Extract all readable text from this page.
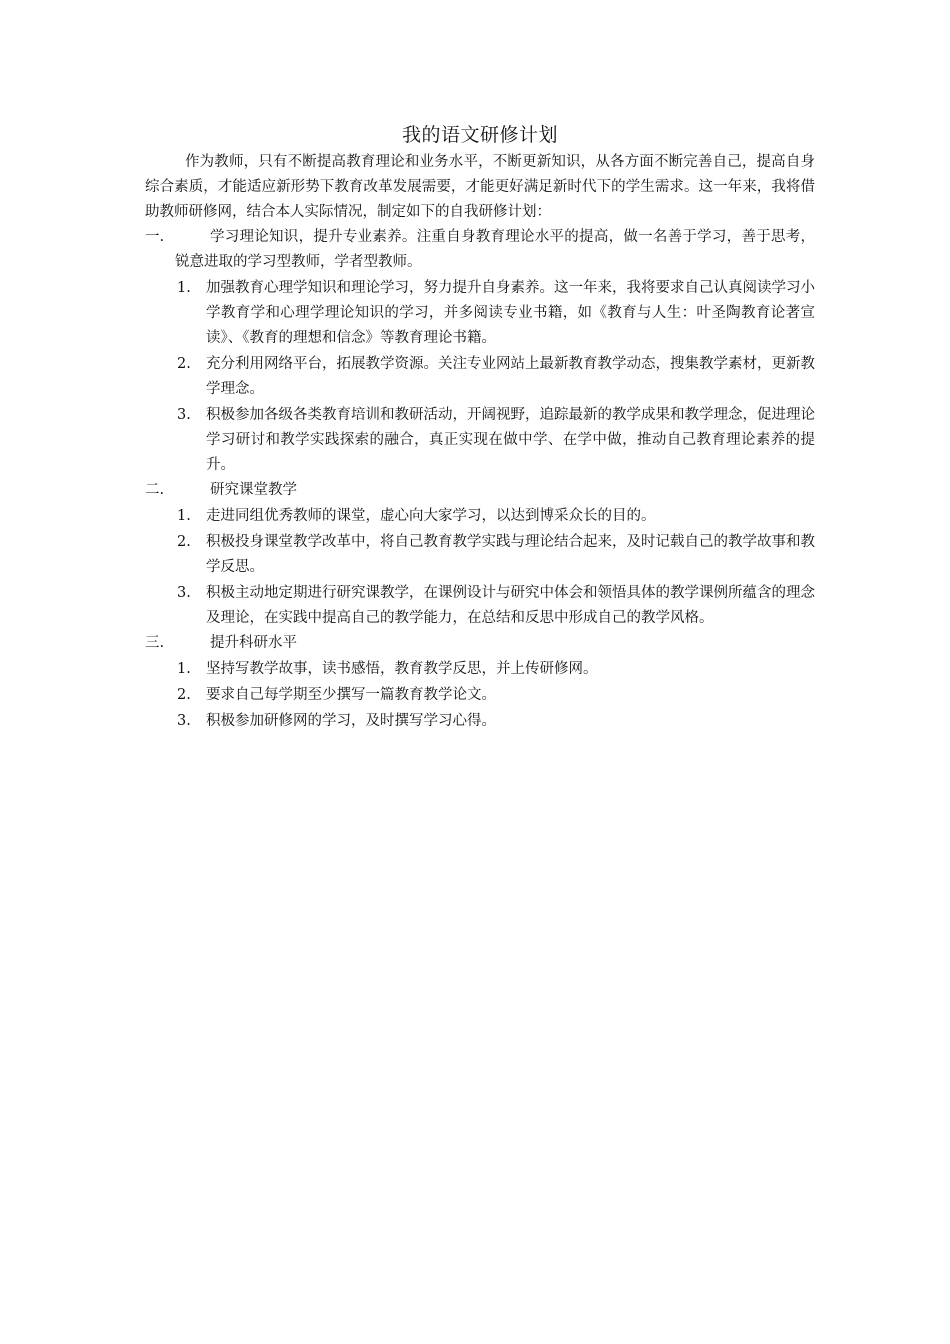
我的语文研修计划

作为教师，只有不断提高教育理论和业务水平，不断更新知识，从各方面不断完善自己，提高自身综合素质，才能适应新形势下教育改革发展需要，才能更好满足新时代下的学生需求。这一年来，我将借助教师研修网，结合本人实际情况，制定如下的自我研修计划：

一.	学习理论知识，提升专业素养。注重自身教育理论水平的提高，做一名善于学习，善于思考，锐意进取的学习型教师，学者型教师。
1. 加强教育心理学知识和理论学习，努力提升自身素养。这一年来，我将要求自己认真阅读学习小学教育学和心理学理论知识的学习，并多阅读专业书籍，如《教育与人生：叶圣陶教育论著宣读》、《教育的理想和信念》等教育理论书籍。
2. 充分利用网络平台，拓展教学资源。关注专业网站上最新教育教学动态，搜集教学素材，更新教学理念。
3. 积极参加各级各类教育培训和教研活动，开阔视野，追踪最新的教学成果和教学理念，促进理论学习研讨和教学实践探索的融合，真正实现在做中学、在学中做，推动自己教育理论素养的提升。
二.	研究课堂教学
1. 走进同组优秀教师的课堂，虚心向大家学习，以达到博采众长的目的。
2. 积极投身课堂教学改革中，将自己教育教学实践与理论结合起来，及时记载自己的教学故事和教学反思。
3. 积极主动地定期进行研究课教学，在课例设计与研究中体会和领悟具体的教学课例所蕴含的理念及理论，在实践中提高自己的教学能力，在总结和反思中形成自己的教学风格。
三.	提升科研水平
1. 坚持写教学故事，读书感悟，教育教学反思，并上传研修网。
2. 要求自己每学期至少撰写一篇教育教学论文。
3. 积极参加研修网的学习，及时撰写学习心得。
